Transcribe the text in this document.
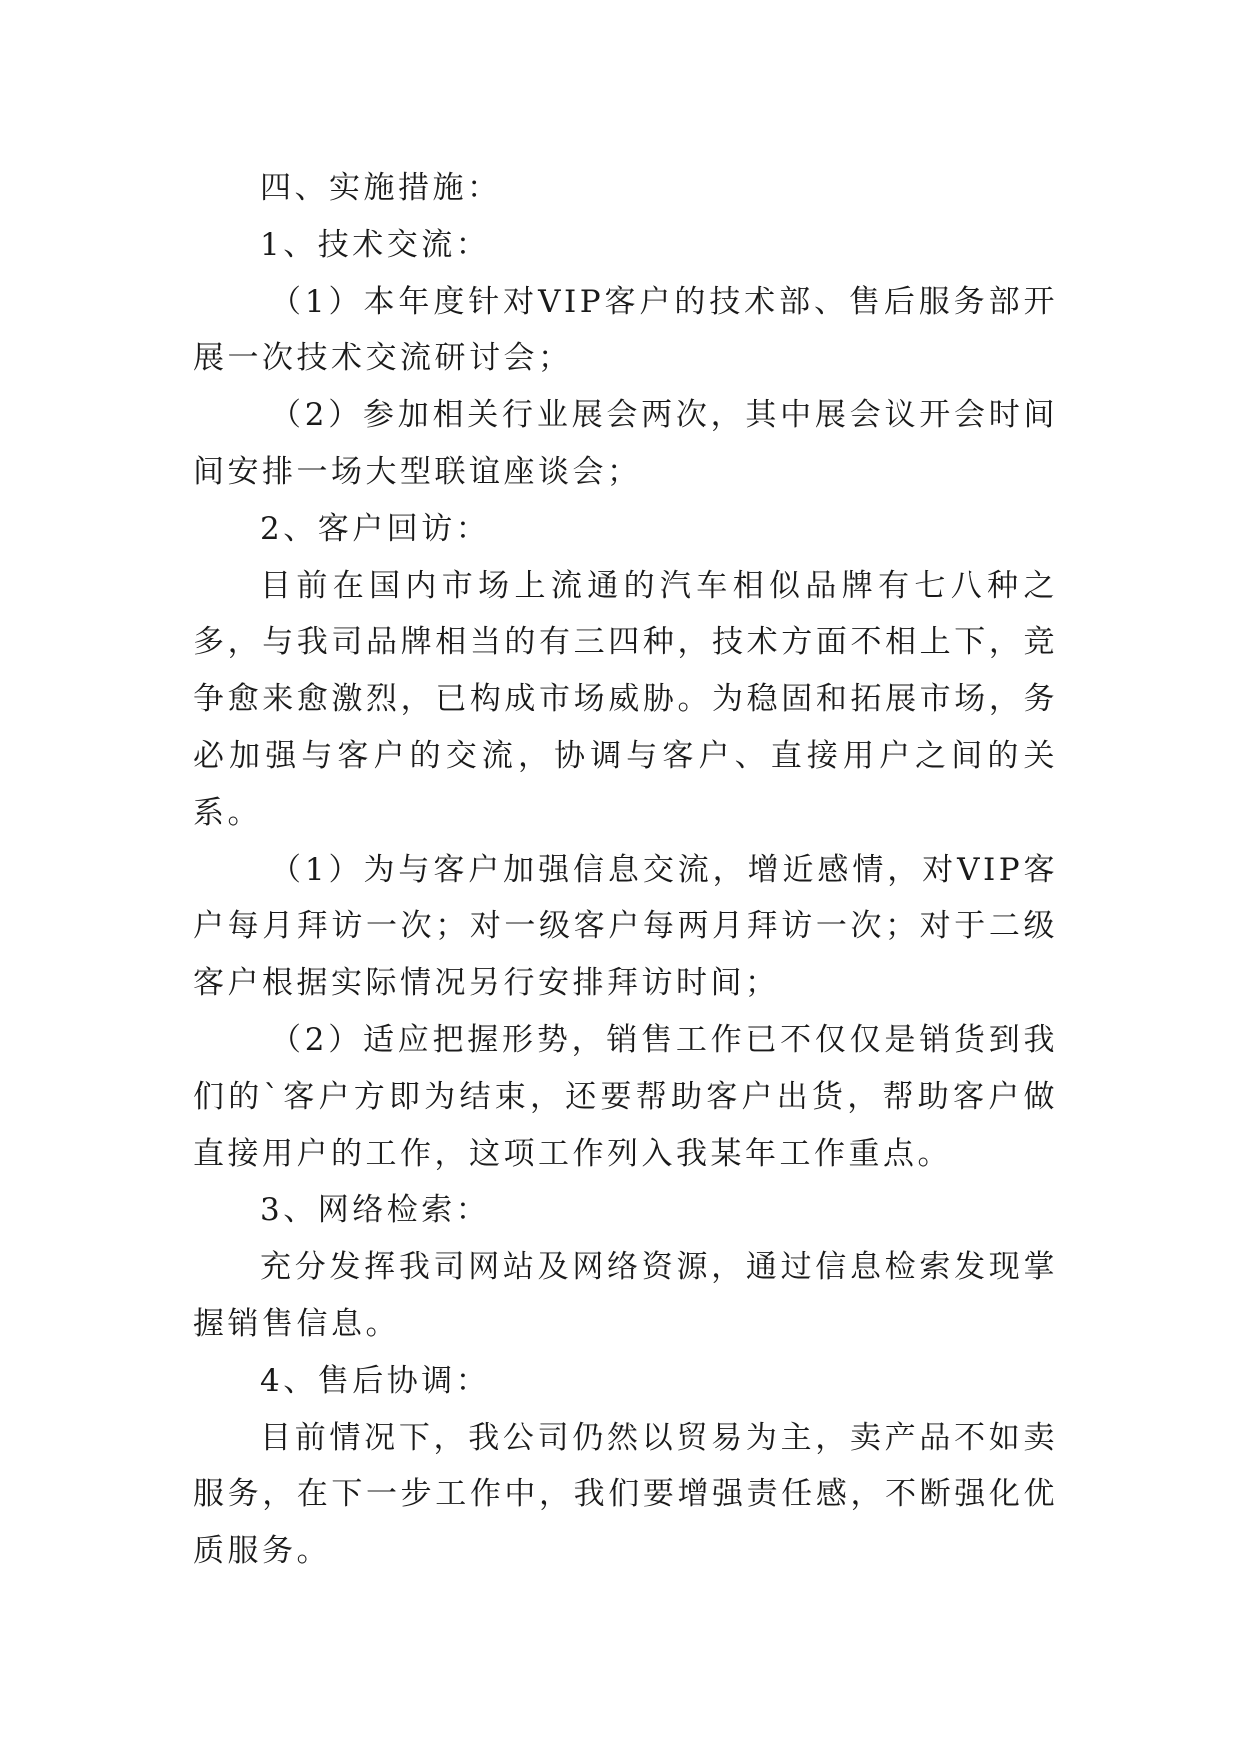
四、实施措施：

1、技术交流：

（1）本年度针对VIP客户的技术部、售后服务部开展一次技术交流研讨会；

（2）参加相关行业展会两次，其中展会议开会时间间安排一场大型联谊座谈会；

2、客户回访：

目前在国内市场上流通的汽车相似品牌有七八种之多，与我司品牌相当的有三四种，技术方面不相上下，竞争愈来愈激烈，已构成市场威胁。为稳固和拓展市场，务必加强与客户的交流，协调与客户、直接用户之间的关系。

（1）为与客户加强信息交流，增近感情，对VIP客户每月拜访一次；对一级客户每两月拜访一次；对于二级客户根据实际情况另行安排拜访时间；

（2）适应把握形势，销售工作已不仅仅是销货到我们的`客户方即为结束，还要帮助客户出货，帮助客户做直接用户的工作，这项工作列入我某年工作重点。

3、网络检索：

充分发挥我司网站及网络资源，通过信息检索发现掌握销售信息。

4、售后协调：

目前情况下，我公司仍然以贸易为主，卖产品不如卖服务，在下一步工作中，我们要增强责任感，不断强化优质服务。
